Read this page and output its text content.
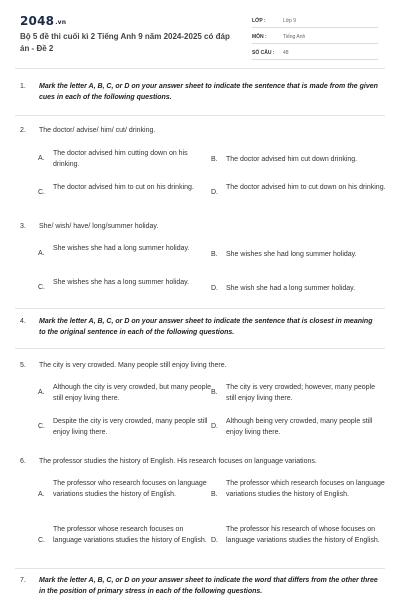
2048.vn
Bộ 5 đề thi cuối kì 2 Tiếng Anh 9 năm 2024-2025 có đáp án - Đề 2
LỚP :	Lớp 9
MÔN :	Tiếng Anh
SỐ CÂU : 48
1. Mark the letter A, B, C, or D on your answer sheet to indicate the sentence that is made from the given cues in each of the following questions.
2. The doctor/ advise/ him/ cut/ drinking.
A.
The doctor advised him cutting down on his drinking.
B. The doctor advised him cut down drinking.
C.
The doctor advised him to cut on his drinking.
D.
The doctor advised him to cut down on his drinking.
3. She/ wish/ have/ long/summer holiday.
A.
She wishes she had a long summer holiday.
B. She wishes she had long summer holiday.
C.
She wishes she has a long summer holiday.
D. She wish she had a long summer holiday.
4. Mark the letter A, B, C, or D on your answer sheet to indicate the sentence that is closest in meaning to the original sentence in each of the following questions.
5. The city is very crowded. Many people still enjoy living there.
A.
Although the city is very crowded, but many people still enjoy living there.
B.
The city is very crowded; however, many people still enjoy living there.
C.
Despite the city is very crowded, many people still enjoy living there.
D.
Although being very crowded, many people still enjoy living there.
6. The professor studies the history of English. His research focuses on language variations.
A.
The professor who research focuses on language variations studies the history of English.	B.
The professor which research focuses on language variations studies the history of English.
C.
The professor whose research focuses on language variations studies the history of English. D.
The professor his research of whose focuses on language variations studies the history of English.
7. Mark the letter A, B, C, or D on your answer sheet to indicate the word that differs from the other three in the position of primary stress in each of the following questions.
